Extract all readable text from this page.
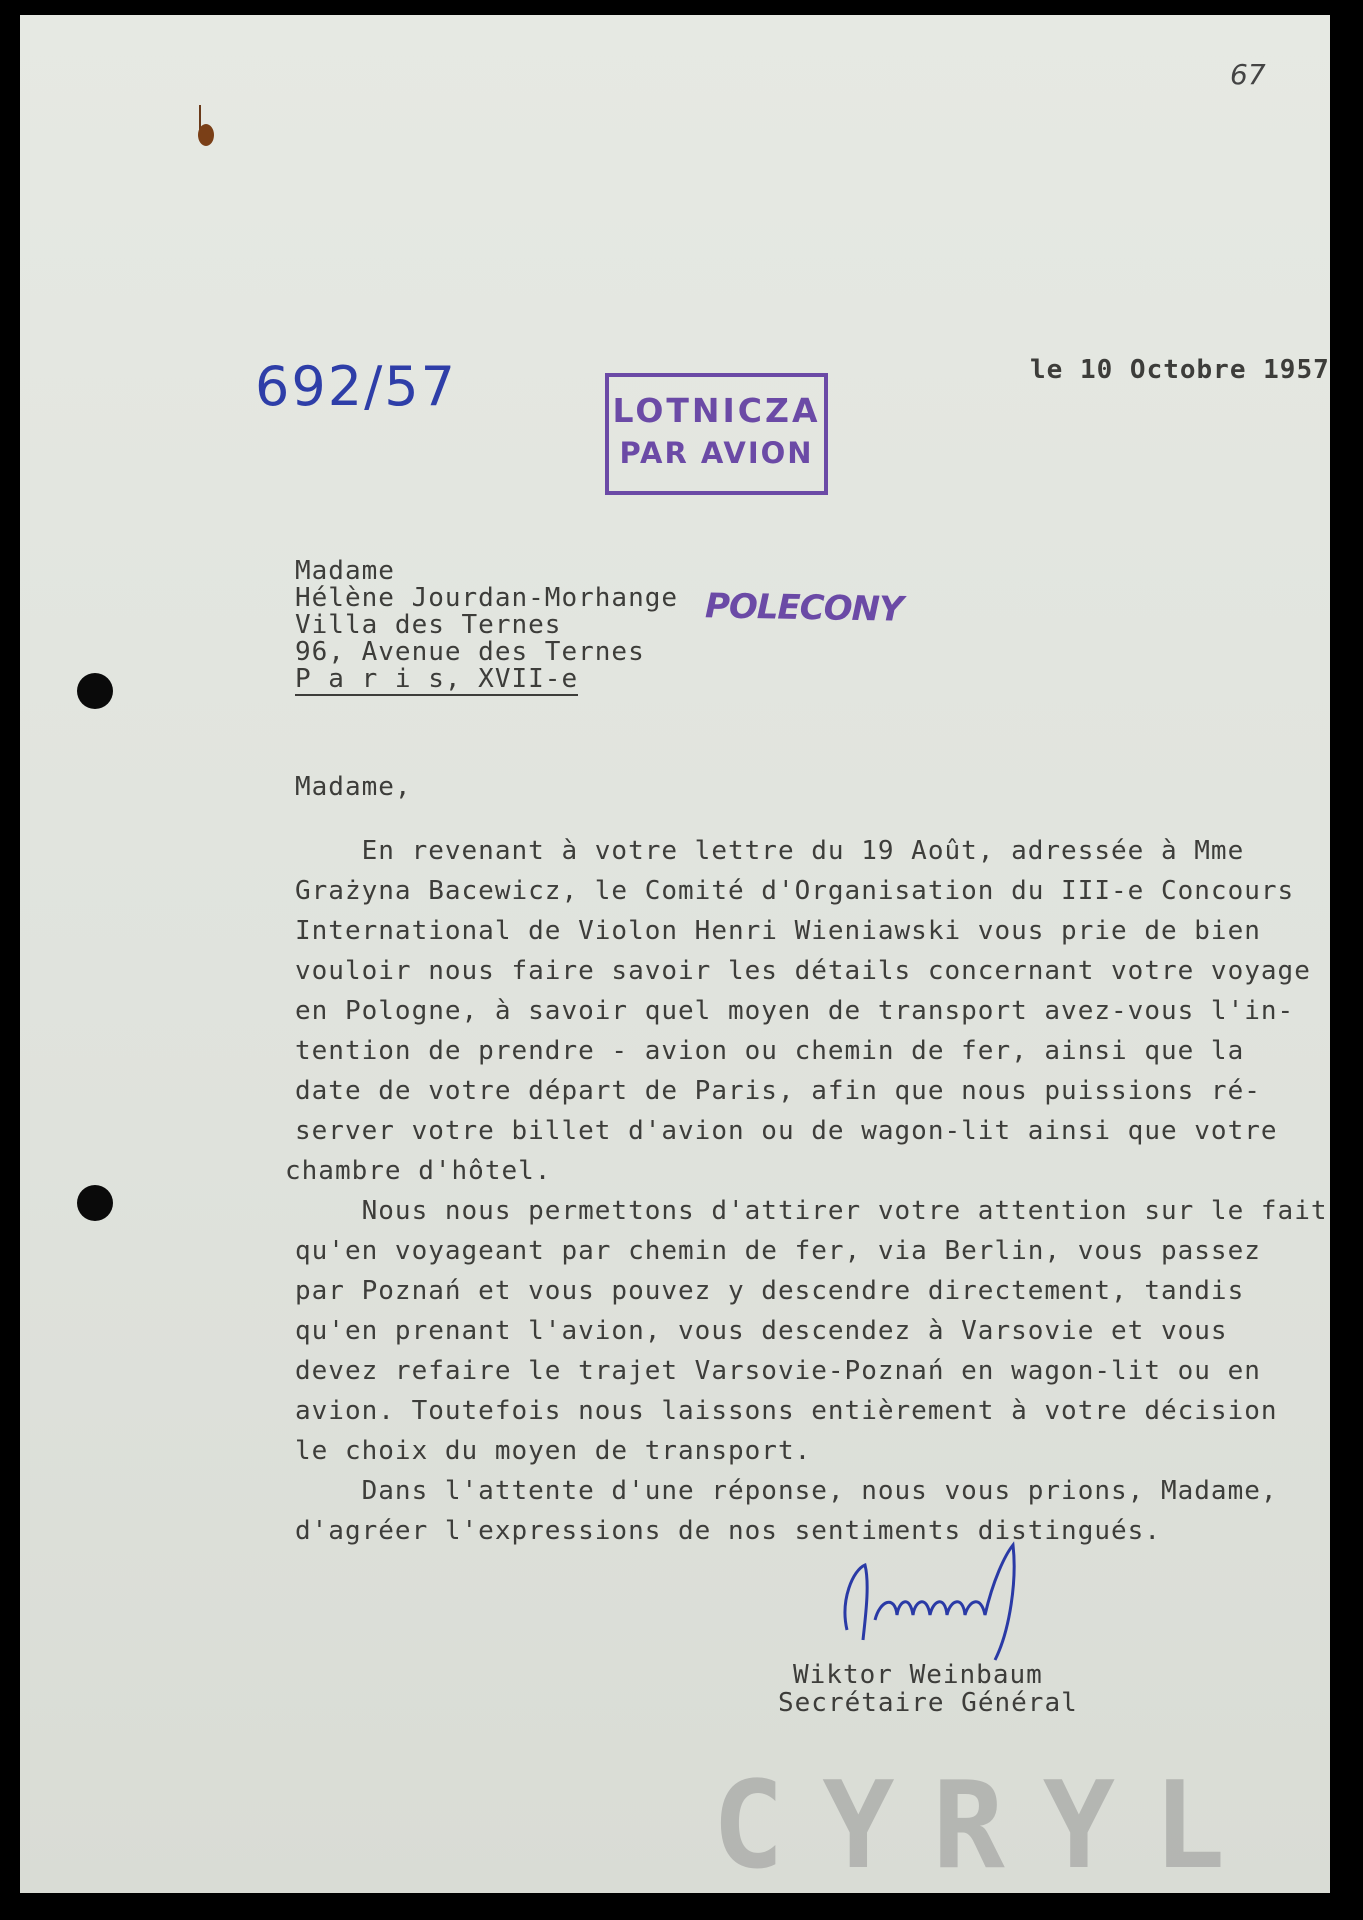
67
692/57	le 10 Octobre 1957
LOTNICZA
PAR AVION
POLECONY
Madame
Hélène Jourdan-Morhange
Villa des Ternes
96, Avenue des Ternes
P a r i s, XVII-e
Madame,
En revenant à votre lettre du 19 Août, adressée à Mme
Grażyna Bacewicz, le Comité d'Organisation du III-e Concours
International de Violon Henri Wieniawski vous prie de bien
vouloir nous faire savoir les détails concernant votre voyage
en Pologne, à savoir quel moyen de transport avez-vous l'in-
tention de prendre - avion ou chemin de fer, ainsi que la
date de votre départ de Paris, afin que nous puissions ré-
server votre billet d'avion ou de wagon-lit ainsi que votre
chambre d'hôtel.
Nous nous permettons d'attirer votre attention sur le fait
qu'en voyageant par chemin de fer, via Berlin, vous passez
par Poznań et vous pouvez y descendre directement, tandis
qu'en prenant l'avion, vous descendez à Varsovie et vous
devez refaire le trajet Varsovie-Poznań en wagon-lit ou en
avion. Toutefois nous laissons entièrement à votre décision
le choix du moyen de transport.
Dans l'attente d'une réponse, nous vous prions, Madame,
d'agréer l'expressions de nos sentiments distingués.
Wiktor Weinbaum
Secrétaire Général
CYRYL
